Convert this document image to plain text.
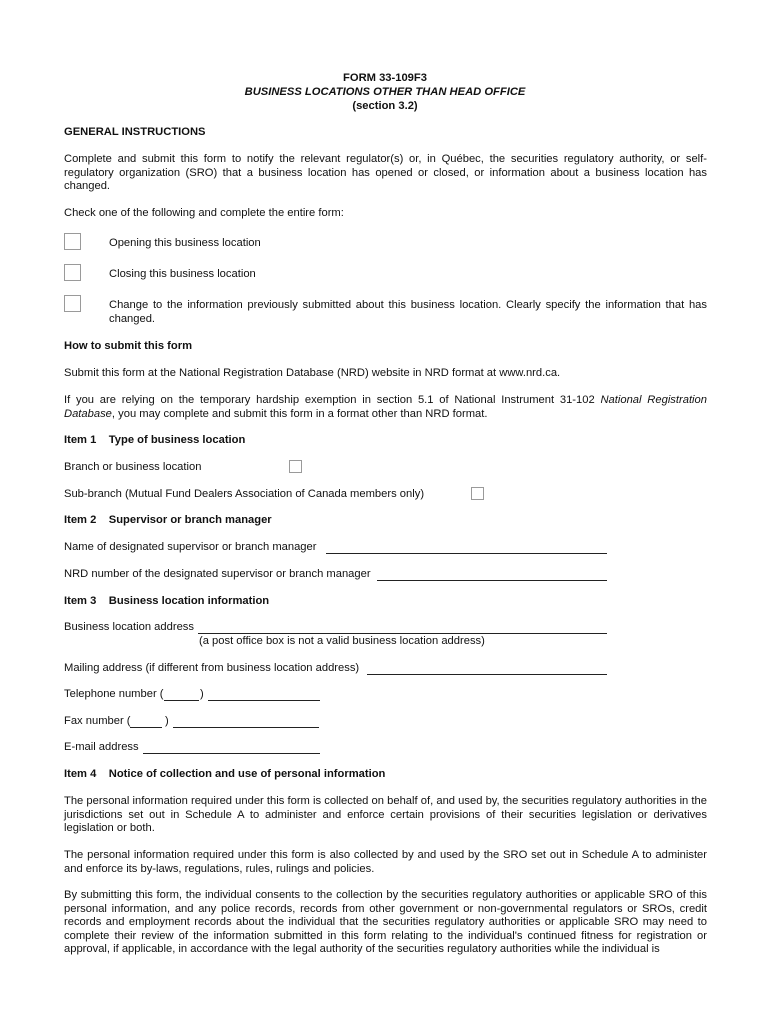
FORM 33-109F3
BUSINESS LOCATIONS OTHER THAN HEAD OFFICE
(section 3.2)
GENERAL INSTRUCTIONS
Complete and submit this form to notify the relevant regulator(s) or, in Québec, the securities regulatory authority, or self-regulatory organization (SRO) that a business location has opened or closed, or information about a business location has changed.
Check one of the following and complete the entire form:
Opening this business location
Closing this business location
Change to the information previously submitted about this business location. Clearly specify the information that has changed.
How to submit this form
Submit this form at the National Registration Database (NRD) website in NRD format at www.nrd.ca.
If you are relying on the temporary hardship exemption in section 5.1 of National Instrument 31-102 National Registration Database, you may complete and submit this form in a format other than NRD format.
Item 1    Type of business location
Branch or business location
Sub-branch (Mutual Fund Dealers Association of Canada members only)
Item 2    Supervisor or branch manager
Name of designated supervisor or branch manager
NRD number of the designated supervisor or branch manager
Item 3    Business location information
Business location address
(a post office box is not a valid business location address)
Mailing address (if different from business location address)
Telephone number (	)
Fax number (	)
E-mail address
Item 4    Notice of collection and use of personal information
The personal information required under this form is collected on behalf of, and used by, the securities regulatory authorities in the jurisdictions set out in Schedule A to administer and enforce certain provisions of their securities legislation or derivatives legislation or both.
The personal information required under this form is also collected by and used by the SRO set out in Schedule A to administer and enforce its by-laws, regulations, rules, rulings and policies.
By submitting this form, the individual consents to the collection by the securities regulatory authorities or applicable SRO of this personal information, and any police records, records from other government or non-governmental regulators or SROs, credit records and employment records about the individual that the securities regulatory authorities or applicable SRO may need to complete their review of the information submitted in this form relating to the individual's continued fitness for registration or approval, if applicable, in accordance with the legal authority of the securities regulatory authorities while the individual is
